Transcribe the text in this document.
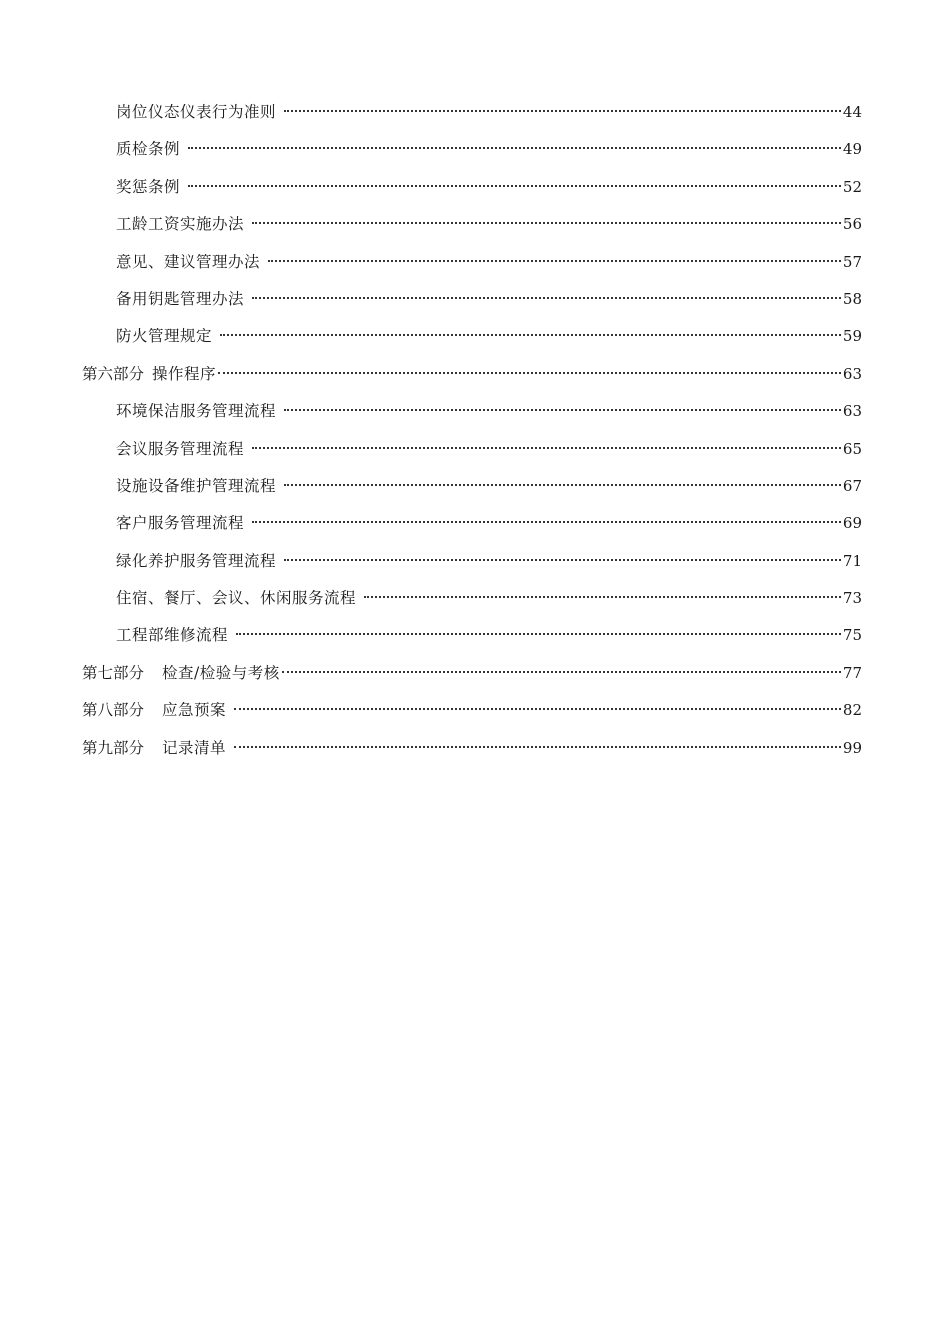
岗位仪态仪表行为准则	44
质检条例	49
奖惩条例	52
工龄工资实施办法	56
意见、建议管理办法	57
备用钥匙管理办法	58
防火管理规定	59
第六部分 操作程序	63
环境保洁服务管理流程	63
会议服务管理流程	65
设施设备维护管理流程	67
客户服务管理流程	69
绿化养护服务管理流程	71
住宿、餐厅、会议、休闲服务流程	73
工程部维修流程	75
第七部分	检查/检验与考核	77
第八部分	应急预案	82
第九部分	记录清单	99
